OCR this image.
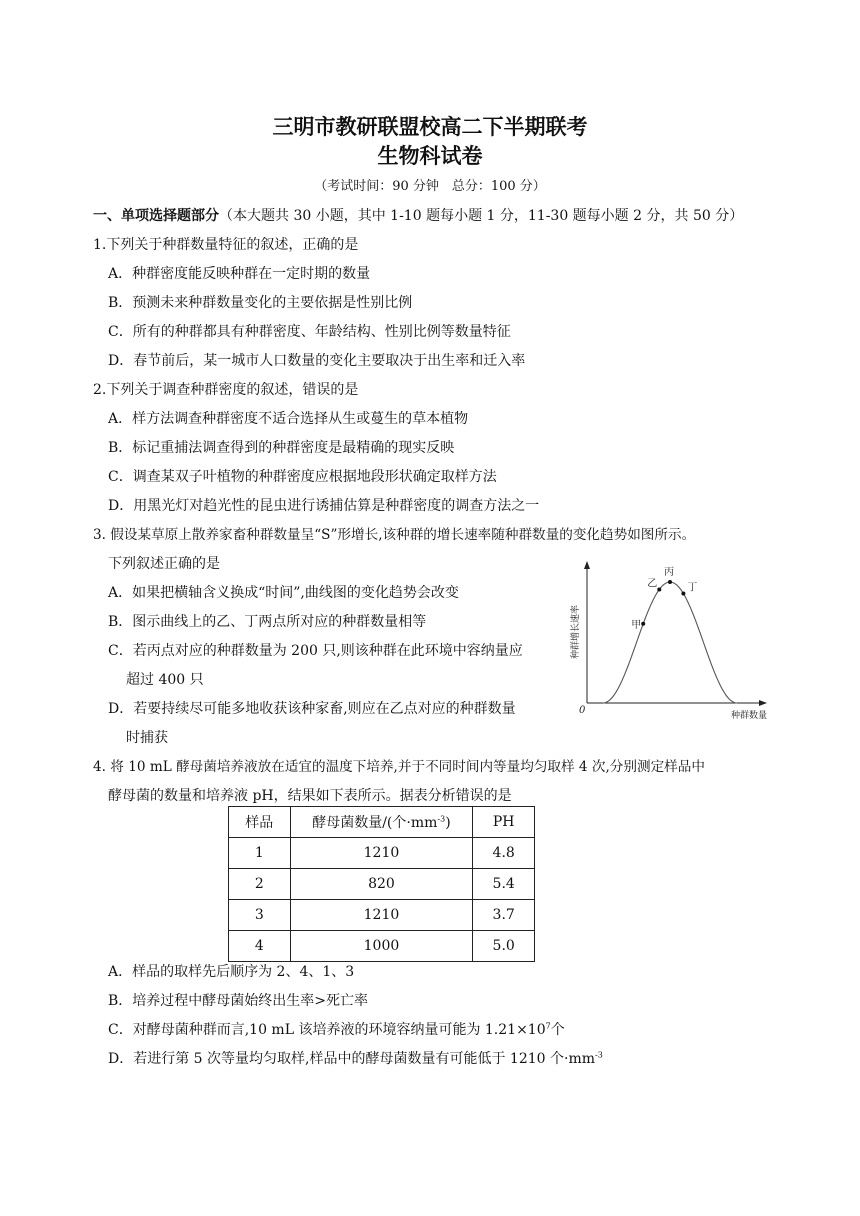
三明市教研联盟校高二下半期联考
生物科试卷
（考试时间：90 分钟　总分：100 分）
一、单项选择题部分（本大题共 30 小题，其中 1-10 题每小题 1 分，11-30 题每小题 2 分，共 50 分）
1.下列关于种群数量特征的叙述，正确的是
A．种群密度能反映种群在一定时期的数量
B．预测未来种群数量变化的主要依据是性别比例
C．所有的种群都具有种群密度、年龄结构、性别比例等数量特征
D．春节前后，某一城市人口数量的变化主要取决于出生率和迁入率
2.下列关于调查种群密度的叙述，错误的是
A．样方法调查种群密度不适合选择从生或蔓生的草本植物
B．标记重捕法调查得到的种群密度是最精确的现实反映
C．调查某双子叶植物的种群密度应根据地段形状确定取样方法
D．用黑光灯对趋光性的昆虫进行诱捕估算是种群密度的调查方法之一
3. 假设某草原上散养家畜种群数量呈“S”形增长,该种群的增长速率随种群数量的变化趋势如图所示。
下列叙述正确的是
A．如果把横轴含义换成“时间”,曲线图的变化趋势会改变
B．图示曲线上的乙、丁两点所对应的种群数量相等
C．若丙点对应的种群数量为 200 只,则该种群在此环境中容纳量应
超过 400 只
D．若要持续尽可能多地收获该种家畜,则应在乙点对应的种群数量
时捕获
种群增长速率
种群数量
0
甲
乙
丙
丁
4. 将 10 mL 酵母菌培养液放在适宜的温度下培养,并于不同时间内等量均匀取样 4 次,分别测定样品中
酵母菌的数量和培养液 pH，结果如下表所示。据表分析错误的是
样品	酵母菌数量/(个$\cdot mm^{-3}$)	PH
1	1210	4.8
2	820	5.4
3	1210	3.7
4	1000	5.0
A．样品的取样先后顺序为 2、4、1、3
B．培养过程中酵母菌始终出生率>死亡率
C．对酵母菌种群而言,10 mL 该培养液的环境容纳量可能为 $1.21\times 10^7$个
D．若进行第 5 次等量均匀取样,样品中的酵母菌数量有可能低于 1210 个$\cdot mm^{-3}$
